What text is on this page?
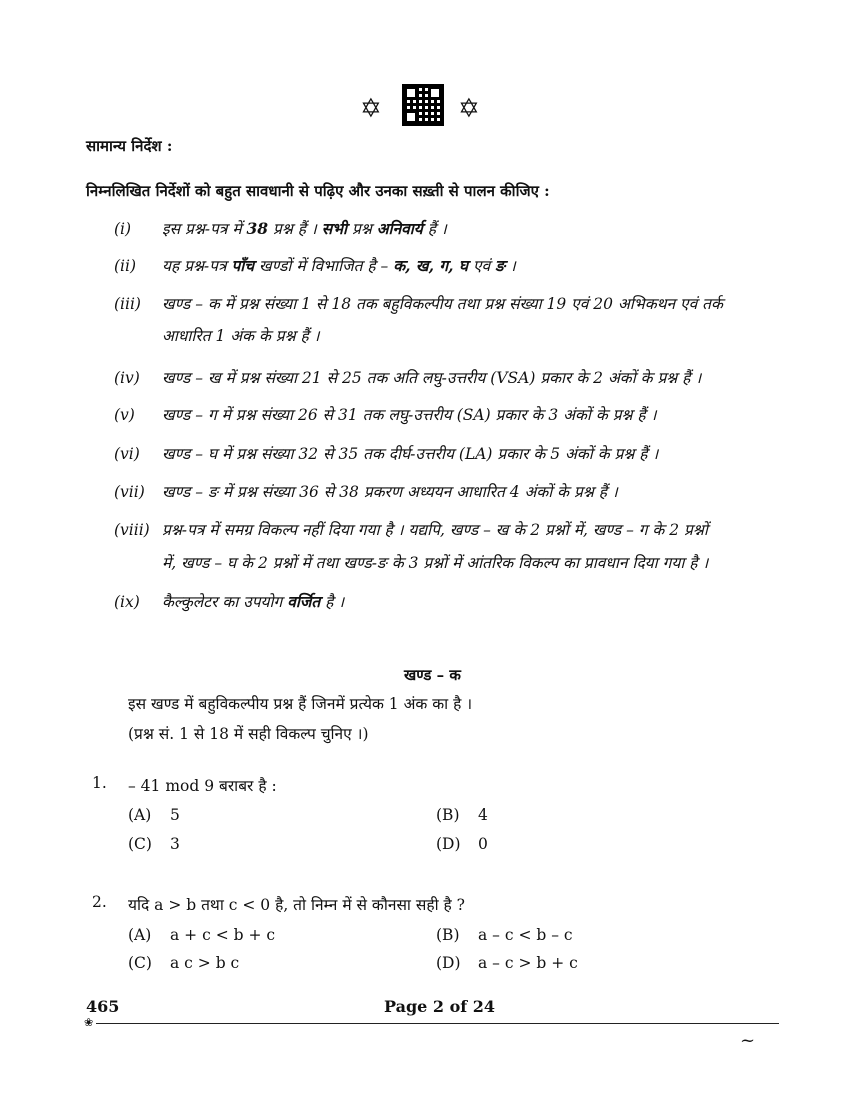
✡	✡
सामान्य निर्देश :
निम्नलिखित निर्देशों को बहुत सावधानी से पढ़िए और उनका सख़्ती से पालन कीजिए :
(i)	इस प्रश्न-पत्र में 38 प्रश्न हैं । सभी प्रश्न अनिवार्य हैं ।
(ii)	यह प्रश्न-पत्र पाँच खण्डों में विभाजित है – क, ख, ग, घ एवं ङ ।
(iii)	खण्ड – क में प्रश्न संख्या 1 से 18 तक बहुविकल्पीय तथा प्रश्न संख्या 19 एवं 20 अभिकथन एवं तर्क
आधारित 1 अंक के प्रश्न हैं ।
(iv)	खण्ड – ख में प्रश्न संख्या 21 से 25 तक अति लघु-उत्तरीय (VSA) प्रकार के 2 अंकों के प्रश्न हैं ।
(v)	खण्ड – ग में प्रश्न संख्या 26 से 31 तक लघु-उत्तरीय (SA) प्रकार के 3 अंकों के प्रश्न हैं ।
(vi)	खण्ड – घ में प्रश्न संख्या 32 से 35 तक दीर्घ-उत्तरीय (LA) प्रकार के 5 अंकों के प्रश्न हैं ।
(vii)	खण्ड – ङ में प्रश्न संख्या 36 से 38 प्रकरण अध्ययन आधारित 4 अंकों के प्रश्न हैं ।
(viii) प्रश्न-पत्र में समग्र विकल्प नहीं दिया गया है । यद्यपि, खण्ड – ख के 2 प्रश्नों में, खण्ड – ग के 2 प्रश्नों
में, खण्ड – घ के 2 प्रश्नों में तथा खण्ड-ङ के 3 प्रश्नों में आंतरिक विकल्प का प्रावधान दिया गया है ।
(ix)	कैल्कुलेटर का उपयोग वर्जित है ।
खण्ड – क
इस खण्ड में बहुविकल्पीय प्रश्न हैं जिनमें प्रत्येक 1 अंक का है ।
(प्रश्न सं. 1 से 18 में सही विकल्प चुनिए ।)
1. – 41 mod 9 बराबर है :
(A) 5	(B) 4
(C) 3	(D) 0
2. यदि a > b तथा c < 0 है, तो निम्न में से कौनसा सही है ?
(A) a + c < b + c	(B) a – c < b – c
(C) a c > b c	(D) a – c > b + c
465	Page 2 of 24
❀
~
